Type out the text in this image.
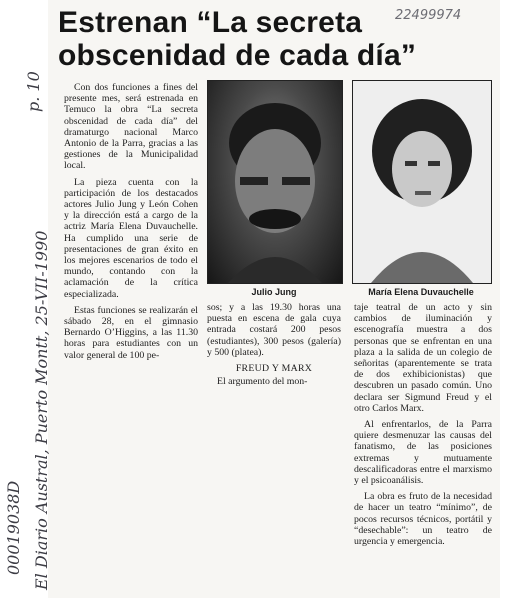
Estrenan “La secreta obscenidad de cada día”
22499974
p. 10
00019038D El Diario Austral, Puerto Montt, 25-VII-1990

Con dos funciones a fines del presente mes, será estrenada en Temuco la obra “La secreta obscenidad de cada día” del dramaturgo nacional Marco Antonio de la Parra, gracias a las gestiones de la Municipalidad local.

La pieza cuenta con la participación de los destacados actores Julio Jung y León Cohen y la dirección está a cargo de la actriz María Elena Duvauchelle. Ha cumplido una serie de presentaciones de gran éxito en los mejores escenarios de todo el mundo, contando con la aclamación de la crítica especializada.

Estas funciones se realizarán el sábado 28, en el gimnasio Bernardo O’Higgins, a las 11.30 horas para estudiantes con un valor general de 100 pe-

Julio Jung	María Elena Duvauchelle

sos; y a las 19.30 horas una puesta en escena de gala cuya entrada costará 200 pesos (estudiantes), 300 pesos (galería) y 500 (platea).

FREUD Y MARX

El argumento del mon-

taje teatral de un acto y sin cambios de iluminación y escenografía muestra a dos personas que se enfrentan en una plaza a la salida de un colegio de señoritas (aparentemente se trata de dos exhibicionistas) que descubren un pasado común. Uno declara ser Sigmund Freud y el otro Carlos Marx.

Al enfrentarlos, de la Parra quiere desmenuzar las causas del fanatismo, de las posiciones extremas y mutuamente descalificadoras entre el marxismo y el psicoanálisis.

La obra es fruto de la necesidad de hacer un teatro “mínimo”, de pocos recursos técnicos, portátil y “desechable”: un teatro de urgencia y emergencia.
